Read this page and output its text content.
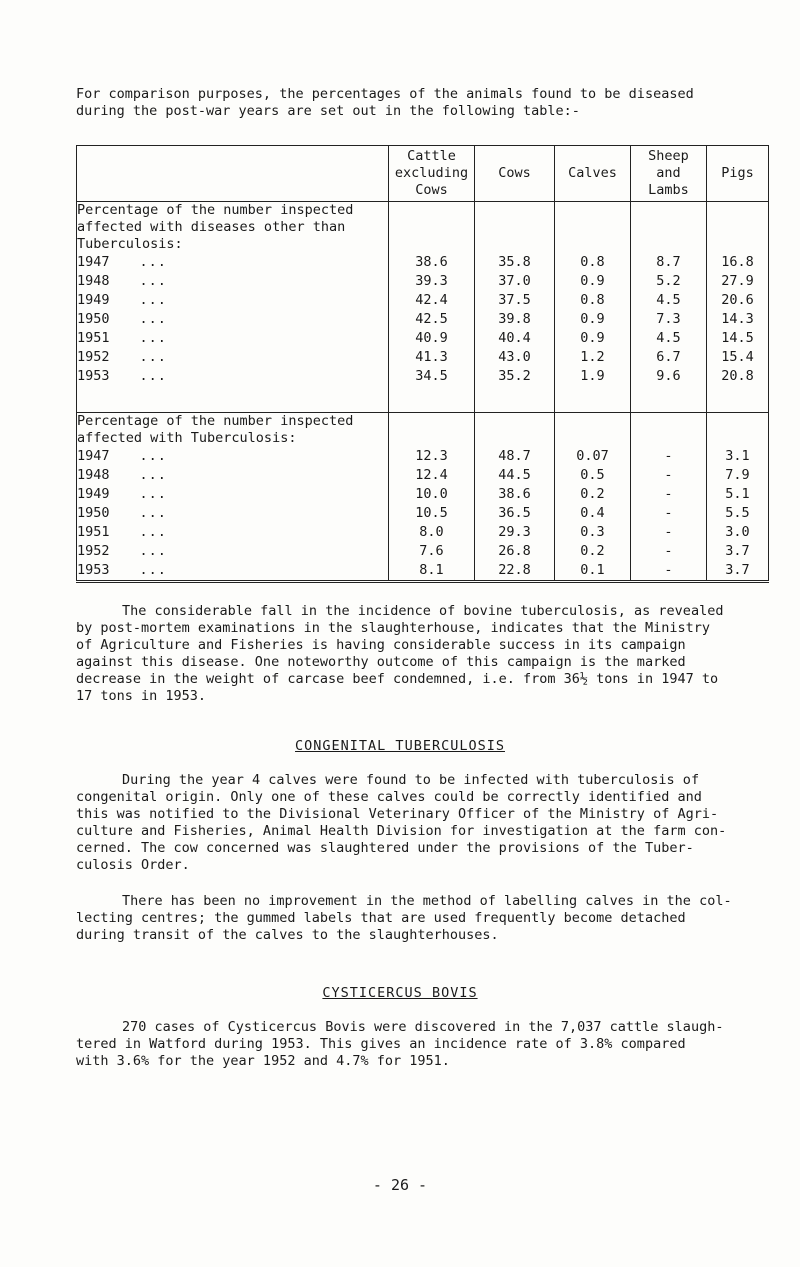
For comparison purposes, the percentages of the animals found to be diseased

during the post-war years are set out in the following table:-

	Cattle
excluding
Cows	Cows	Calves	Sheep
and
Lambs	Pigs

Percentage of the number inspected
affected with diseases other than
Tuberculosis:					

1947 ...	38.6	35.8	0.8	8.7	16.8
1948 ...	39.3	37.0	0.9	5.2	27.9
1949 ...	42.4	37.5	0.8	4.5	20.6
1950 ...	42.5	39.8	0.9	7.3	14.3
1951 ...	40.9	40.4	0.9	4.5	14.5
1952 ...	41.3	43.0	1.2	6.7	15.4
1953 ...	34.5	35.2	1.9	9.6	20.8

Percentage of the number inspected
affected with Tuberculosis:					

1947 ...	12.3	48.7	0.07	-	3.1
1948 ...	12.4	44.5	0.5	-	7.9
1949 ...	10.0	38.6	0.2	-	5.1
1950 ...	10.5	36.5	0.4	-	5.5
1951 ...	8.0	29.3	0.3	-	3.0
1952 ...	7.6	26.8	0.2	-	3.7
1953 ...	8.1	22.8	0.1	-	3.7

The considerable fall in the incidence of bovine tuberculosis, as revealed

by post-mortem examinations in the slaughterhouse, indicates that the Ministry

of Agriculture and Fisheries is having considerable success in its campaign

against this disease. One noteworthy outcome of this campaign is the marked

decrease in the weight of carcase beef condemned, i.e. from 36½ tons in 1947 to

17 tons in 1953.

CONGENITAL TUBERCULOSIS

During the year 4 calves were found to be infected with tuberculosis of

congenital origin. Only one of these calves could be correctly identified and

this was notified to the Divisional Veterinary Officer of the Ministry of Agri-

culture and Fisheries, Animal Health Division for investigation at the farm con-

cerned. The cow concerned was slaughtered under the provisions of the Tuber-

culosis Order.

There has been no improvement in the method of labelling calves in the col-

lecting centres; the gummed labels that are used frequently become detached

during transit of the calves to the slaughterhouses.

CYSTICERCUS BOVIS

270 cases of Cysticercus Bovis were discovered in the 7,037 cattle slaugh-

tered in Watford during 1953. This gives an incidence rate of 3.8% compared

with 3.6% for the year 1952 and 4.7% for 1951.

- 26 -
